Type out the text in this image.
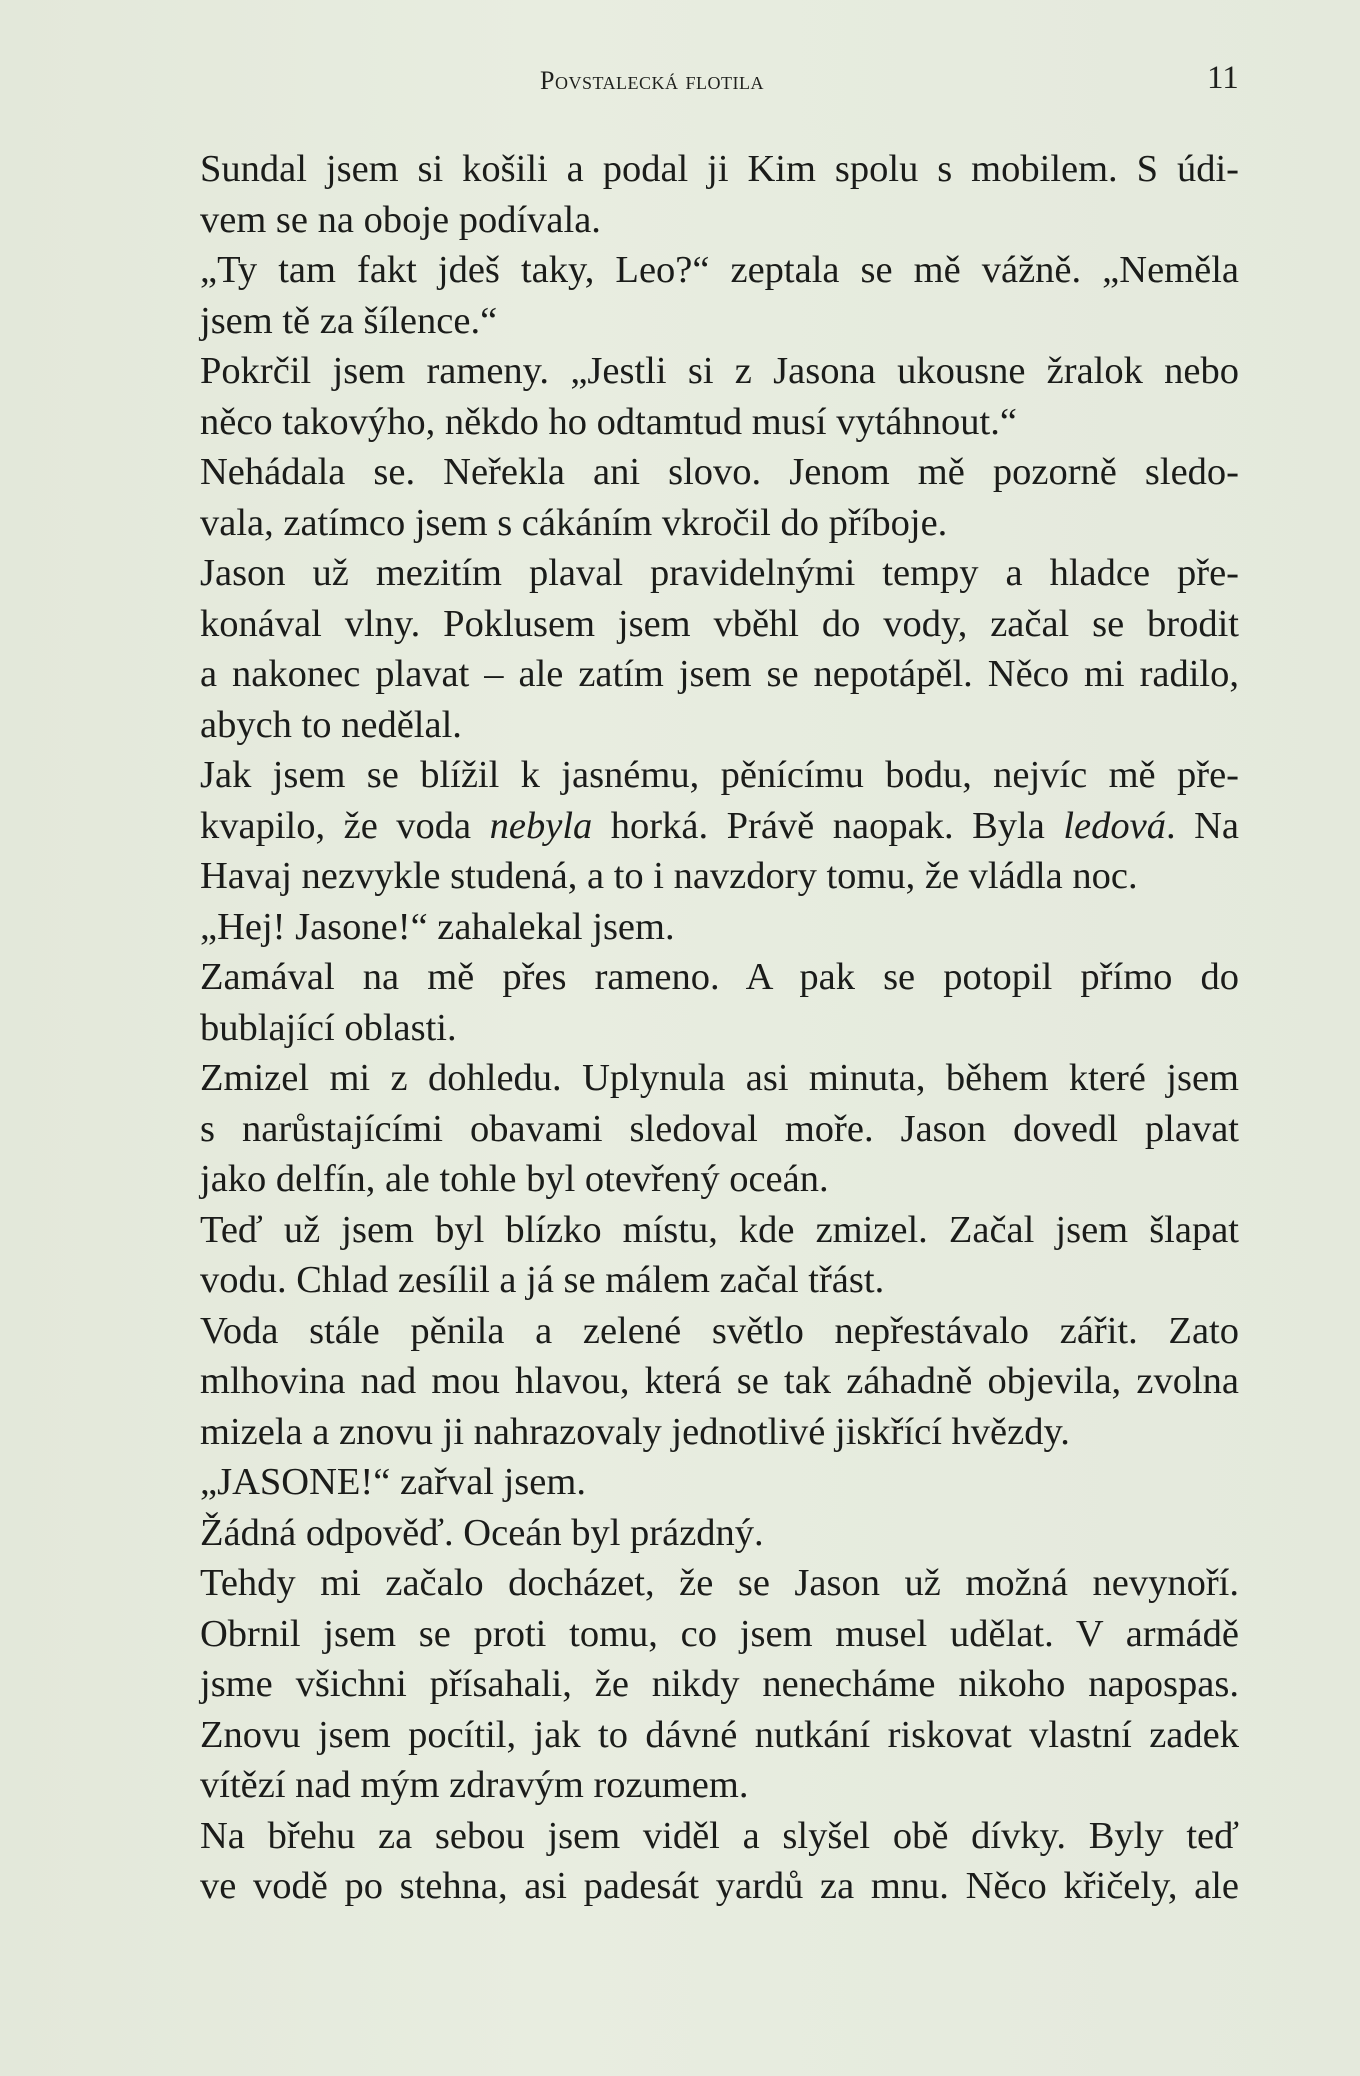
Povstalecká flotila	11

Sundal jsem si košili a podal ji Kim spolu s mobilem. S údi-
vem se na oboje podívala.

„Ty tam fakt jdeš taky, Leo?“ zeptala se mě vážně. „Neměla
jsem tě za šílence.“

Pokrčil jsem rameny. „Jestli si z Jasona ukousne žralok nebo
něco takovýho, někdo ho odtamtud musí vytáhnout.“

Nehádala se. Neřekla ani slovo. Jenom mě pozorně sledo-
vala, zatímco jsem s cákáním vkročil do příboje.

Jason už mezitím plaval pravidelnými tempy a hladce pře-
konával vlny. Poklusem jsem vběhl do vody, začal se brodit
a nakonec plavat – ale zatím jsem se nepotápěl. Něco mi radilo,
abych to nedělal.

Jak jsem se blížil k jasnému, pěnícímu bodu, nejvíc mě pře-
kvapilo, že voda nebyla horká. Právě naopak. Byla ledová. Na
Havaj nezvykle studená, a to i navzdory tomu, že vládla noc.

„Hej! Jasone!“ zahalekal jsem.

Zamával na mě přes rameno. A pak se potopil přímo do
bublající oblasti.

Zmizel mi z dohledu. Uplynula asi minuta, během které jsem
s narůstajícími obavami sledoval moře. Jason dovedl plavat
jako delfín, ale tohle byl otevřený oceán.

Teď už jsem byl blízko místu, kde zmizel. Začal jsem šlapat
vodu. Chlad zesílil a já se málem začal třást.

Voda stále pěnila a zelené světlo nepřestávalo zářit. Zato
mlhovina nad mou hlavou, která se tak záhadně objevila, zvolna
mizela a znovu ji nahrazovaly jednotlivé jiskřící hvězdy.

„JASONE!“ zařval jsem.

Žádná odpověď. Oceán byl prázdný.

Tehdy mi začalo docházet, že se Jason už možná nevynoří.
Obrnil jsem se proti tomu, co jsem musel udělat. V armádě
jsme všichni přísahali, že nikdy nenecháme nikoho napospas.
Znovu jsem pocítil, jak to dávné nutkání riskovat vlastní zadek
vítězí nad mým zdravým rozumem.

Na břehu za sebou jsem viděl a slyšel obě dívky. Byly teď
ve vodě po stehna, asi padesát yardů za mnu. Něco křičely, ale
